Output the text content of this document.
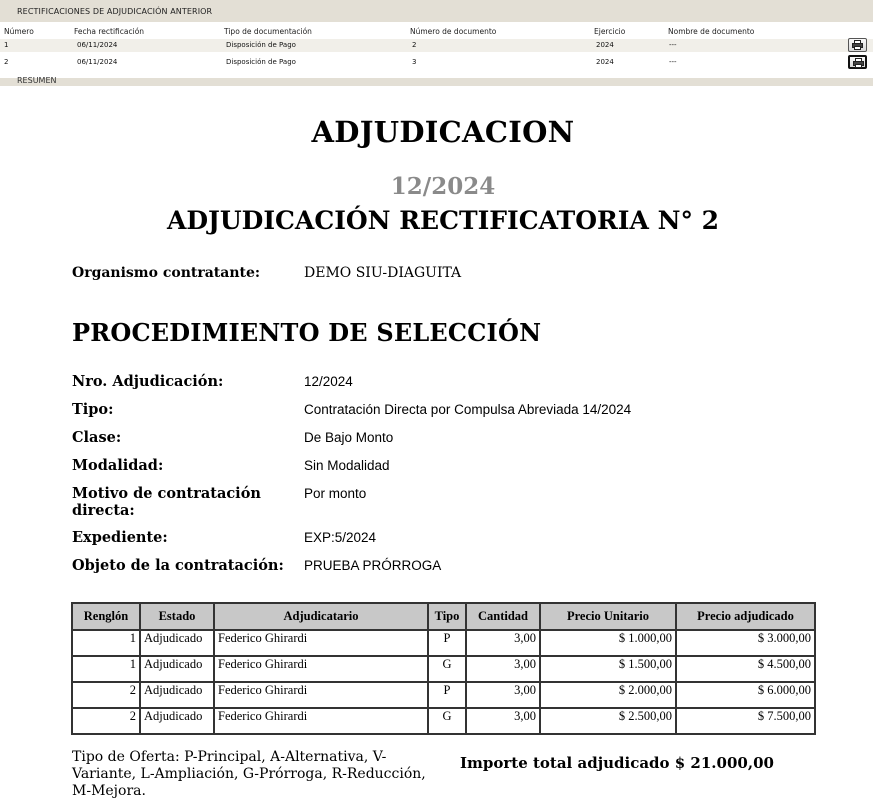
RECTIFICACIONES DE ADJUDICACIÓN ANTERIOR
Número	Fecha rectificación	Tipo de documentación	Número de documento	Ejercicio	Nombre de documento
1	06/11/2024	Disposición de Pago	2	2024	---
2	06/11/2024	Disposición de Pago	3	2024	---
RESUMEN
ADJUDICACION
12/2024
ADJUDICACIÓN RECTIFICATORIA N° 2
Organismo contratante:	DEMO SIU-DIAGUITA
PROCEDIMIENTO DE SELECCIÓN
Nro. Adjudicación:	12/2024
Tipo:	Contratación Directa por Compulsa Abreviada 14/2024
Clase:	De Bajo Monto
Modalidad:	Sin Modalidad
Motivo de contratación directa:
Por monto
Expediente:	EXP:5/2024
Objeto de la contratación: PRUEBA PRÓRROGA
Renglón	Estado	Adjudicatario	Tipo	Cantidad	Precio Unitario	Precio adjudicado
1	Adjudicado	Federico Ghirardi	P	3,00	$ 1.000,00	$ 3.000,00
1	Adjudicado	Federico Ghirardi	G	3,00	$ 1.500,00	$ 4.500,00
2	Adjudicado	Federico Ghirardi	P	3,00	$ 2.000,00	$ 6.000,00
2	Adjudicado	Federico Ghirardi	G	3,00	$ 2.500,00	$ 7.500,00
Tipo de Oferta: P-Principal, A-Alternativa, V-Variante, L-Ampliación, G-Prórroga, R-Reducción, M-Mejora.
Importe total adjudicado $ 21.000,00
